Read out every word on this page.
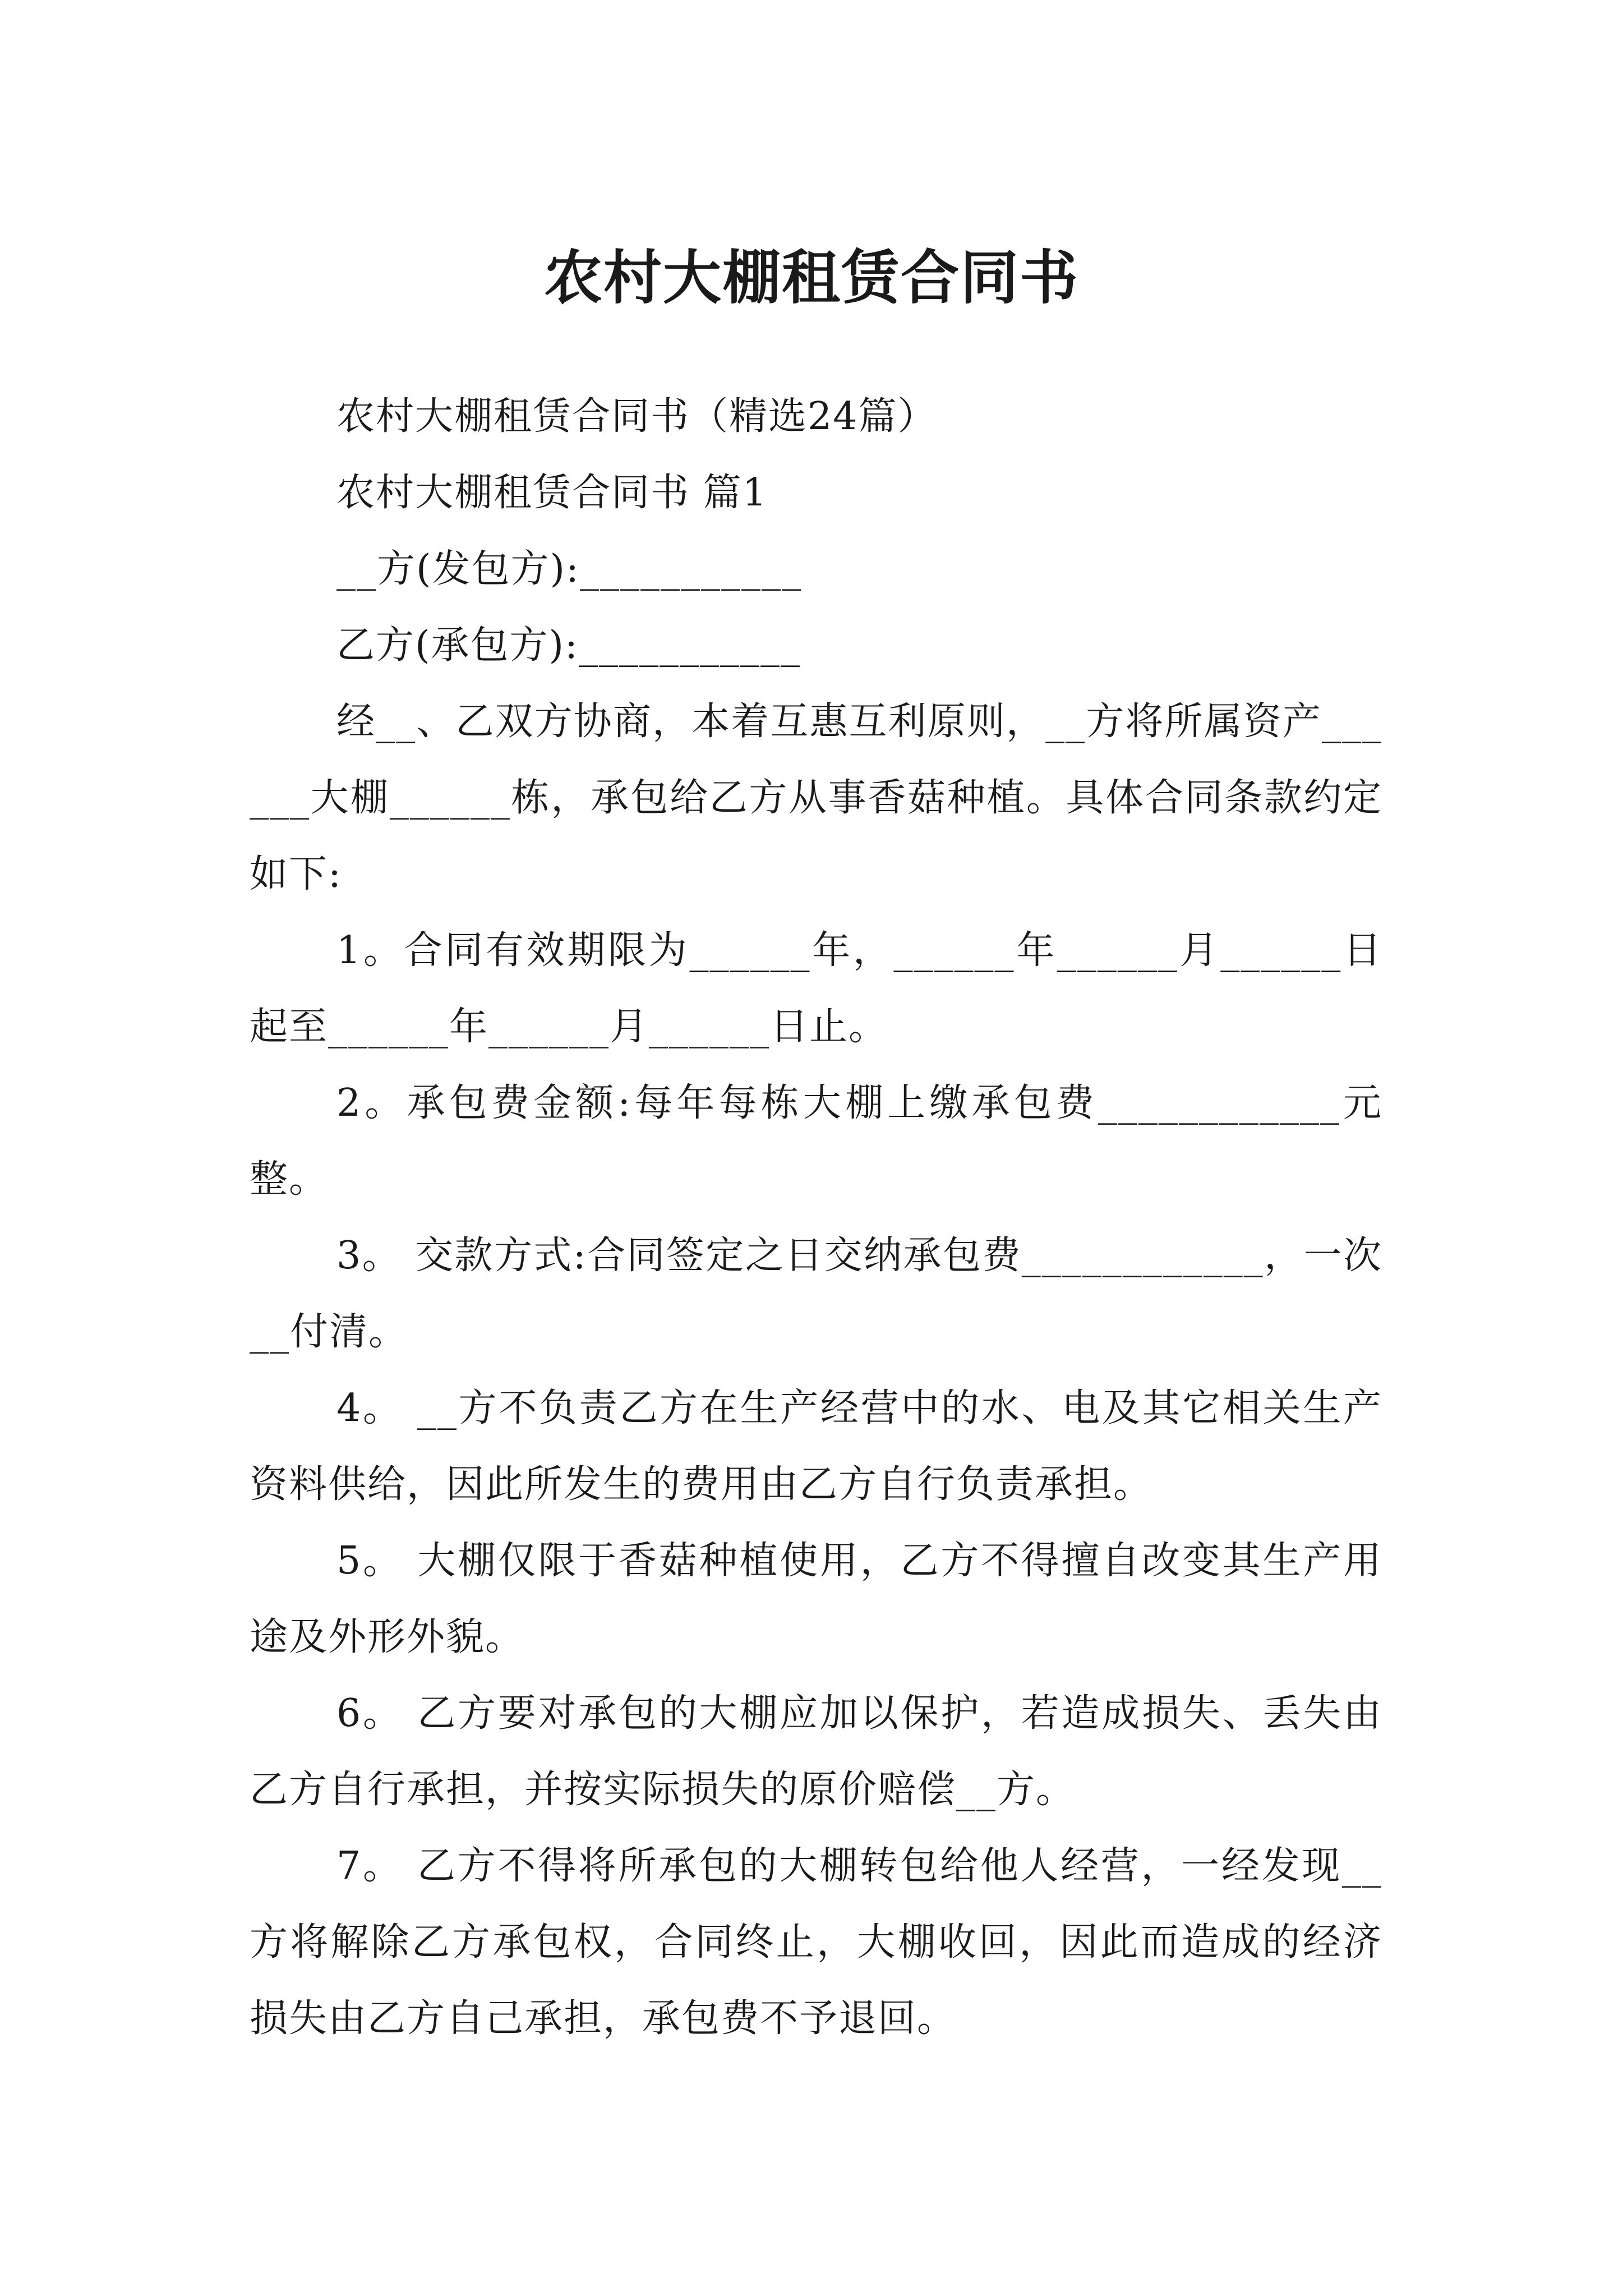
农村大棚租赁合同书

农村大棚租赁合同书（精选24篇）

农村大棚租赁合同书 篇1

__方(发包方):___________

乙方(承包方):___________

经__、乙双方协商，本着互惠互利原则，__方将所属资产______大棚______栋，承包给乙方从事香菇种植。具体合同条款约定如下:

1。合同有效期限为______年，______年______月______日起至______年______月______日止。

2。承包费金额:每年每栋大棚上缴承包费____________元整。

3。 交款方式:合同签定之日交纳承包费____________，一次__付清。

4。 __方不负责乙方在生产经营中的水、电及其它相关生产资料供给，因此所发生的费用由乙方自行负责承担。

5。 大棚仅限于香菇种植使用，乙方不得擅自改变其生产用途及外形外貌。

6。 乙方要对承包的大棚应加以保护，若造成损失、丢失由乙方自行承担，并按实际损失的原价赔偿__方。

7。 乙方不得将所承包的大棚转包给他人经营，一经发现__方将解除乙方承包权，合同终止，大棚收回，因此而造成的经济损失由乙方自己承担，承包费不予退回。
